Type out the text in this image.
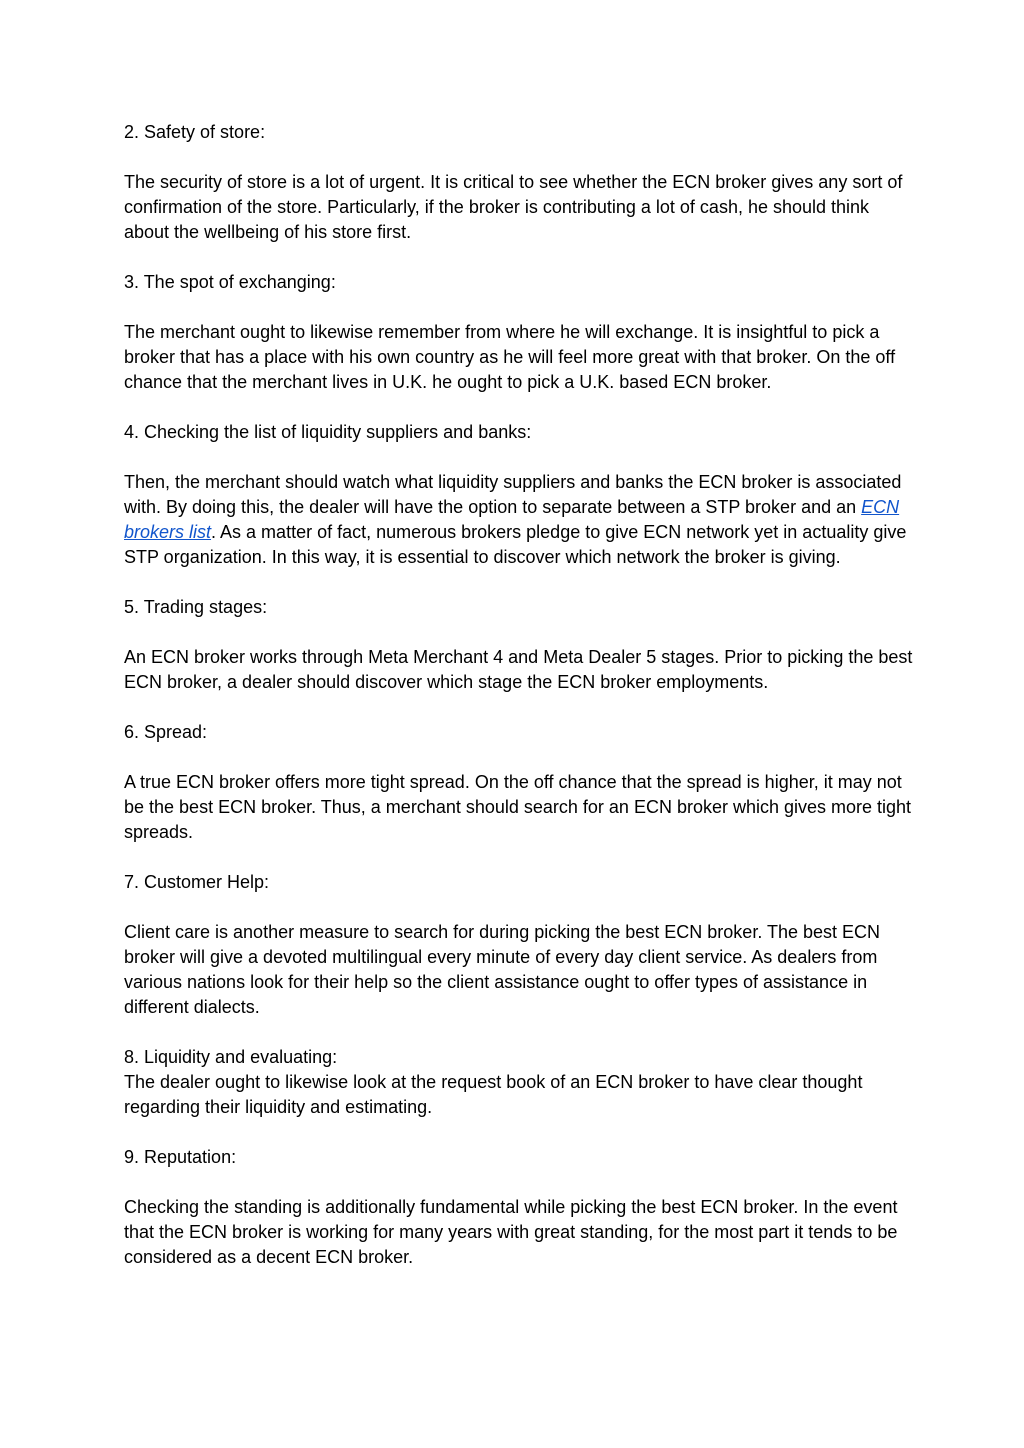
2. Safety of store:

The security of store is a lot of urgent. It is critical to see whether the ECN broker gives any sort of confirmation of the store. Particularly, if the broker is contributing a lot of cash, he should think about the wellbeing of his store first.

3. The spot of exchanging:

The merchant ought to likewise remember from where he will exchange. It is insightful to pick a broker that has a place with his own country as he will feel more great with that broker. On the off chance that the merchant lives in U.K. he ought to pick a U.K. based ECN broker.

4. Checking the list of liquidity suppliers and banks:

Then, the merchant should watch what liquidity suppliers and banks the ECN broker is associated with. By doing this, the dealer will have the option to separate between a STP broker and an ECN brokers list. As a matter of fact, numerous brokers pledge to give ECN network yet in actuality give STP organization. In this way, it is essential to discover which network the broker is giving.

5. Trading stages:

An ECN broker works through Meta Merchant 4 and Meta Dealer 5 stages. Prior to picking the best ECN broker, a dealer should discover which stage the ECN broker employments.

6. Spread:

A true ECN broker offers more tight spread. On the off chance that the spread is higher, it may not be the best ECN broker. Thus, a merchant should search for an ECN broker which gives more tight spreads.

7. Customer Help:

Client care is another measure to search for during picking the best ECN broker. The best ECN broker will give a devoted multilingual every minute of every day client service. As dealers from various nations look for their help so the client assistance ought to offer types of assistance in different dialects.

8. Liquidity and evaluating:

The dealer ought to likewise look at the request book of an ECN broker to have clear thought regarding their liquidity and estimating.

9. Reputation:

Checking the standing is additionally fundamental while picking the best ECN broker. In the event that the ECN broker is working for many years with great standing, for the most part it tends to be considered as a decent ECN broker.
